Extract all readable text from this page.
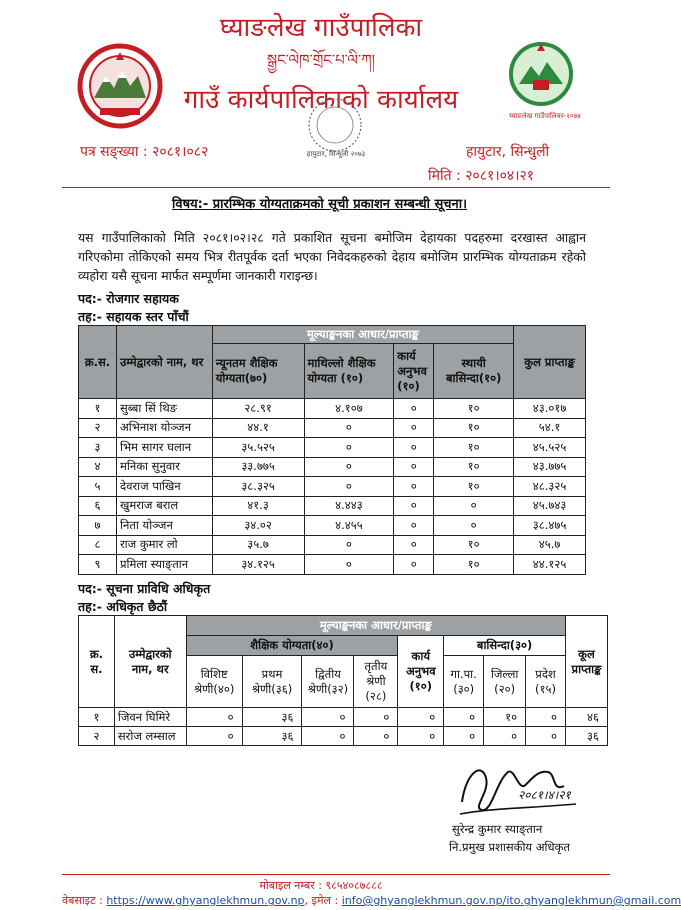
घ्याङलेख गाउँपालिका
སྒྱང་ལེཁ་གྲོང་པ་ལི་ཀ།
गाउँ कार्यपालिकाको कार्यालय
घ्याङलेख गाउँपालिका-२०७४
हायुटार, सिन्धुली २०७३
पत्र सङ्ख्या : २०८१।०८२	हायुटार, सिन्धुली
मिति : २०८१।०४।२१
विषय:- प्रारम्भिक योग्यताक्रमको सूची प्रकाशन सम्बन्धी सूचना।
यस गाउँपालिकाको मिति २०८१।०२।२८ गते प्रकाशित सूचना बमोजिम देहायका पदहरुमा दरखास्त आह्वान गरिएकोमा तोकिएको समय भित्र रीतपूर्वक दर्ता भएका निवेदकहरुको देहाय बमोजिम प्रारम्भिक योग्यताक्रम रहेको व्यहोरा यसै सूचना मार्फत सम्पूर्णमा जानकारी गराइन्छ।
पद:- रोजगार सहायक
तह:- सहायक स्तर पाँचौं
क्र.स.	उम्मेद्वारको नाम, थर	मूल्याङ्कनका आधार/प्राप्ताङ्क				कुल प्राप्ताङ्क
		न्यूनतम शैक्षिक योग्यता(७०)	माथिल्लो शैक्षिक योग्यता (१०)	कार्य अनुभव (१०)	स्थायी बासिन्दा(१०)	
१	सुब्बा सिं थिङ	२८.९१	४.१०७	०	१०	४३.०१७
२	अभिनाश योञ्जन	४४.१	०	०	१०	५४.१
३	भिम सागर घलान	३५.५२५	०	०	१०	४५.५२५
४	मनिका सुनुवार	३३.७७५	०	०	१०	४३.७७५
५	देवराज पाखिन	३८.३२५	०	०	१०	४८.३२५
६	खुमराज बराल	४१.३	४.४४३	०	०	४५.७४३
७	निता योञ्जन	३४.०२	४.४५५	०	०	३८.४७५
८	राज कुमार लो	३५.७	०	०	१०	४५.७
९	प्रमिला स्याङ्तान	३४.१२५	०	०	१०	४४.१२५
पद:- सूचना प्राविधि अधिकृत
तह:- अधिकृत छैठौं
क्र. स.	उम्मेद्वारको नाम, थर	मूल्याङ्कनका आधार/प्राप्ताङ्क								कूल प्राप्ताङ्क
		शैक्षिक योग्यता(४०)				कार्य अनुभव (१०)	बासिन्दा(३०)			
		विशिष्ट श्रेणी(४०)	प्रथम श्रेणी(३६)	द्वितीय श्रेणी(३२)	तृतीय श्रेणी (२८)		गा.पा. (३०)	जिल्ला (२०)	प्रदेश (१५)	
१	जिवन घिमिरे	०	३६	०	०	०	०	१०	०	४६
२	सरोज लम्साल	०	३६	०	०	०	०	०	०	३६
२०८१।४।२१
सुरेन्द्र कुमार स्याङ्तान
नि.प्रमुख प्रशासकीय अधिकृत
मोबाइल नम्बर : ९८५४०८७८८८
वेबसाइट : https://www.ghyanglekhmun.gov.np, इमेल : info@ghyanglekhmun.gov.np/ito.ghyanglekhmun@gmail.com
